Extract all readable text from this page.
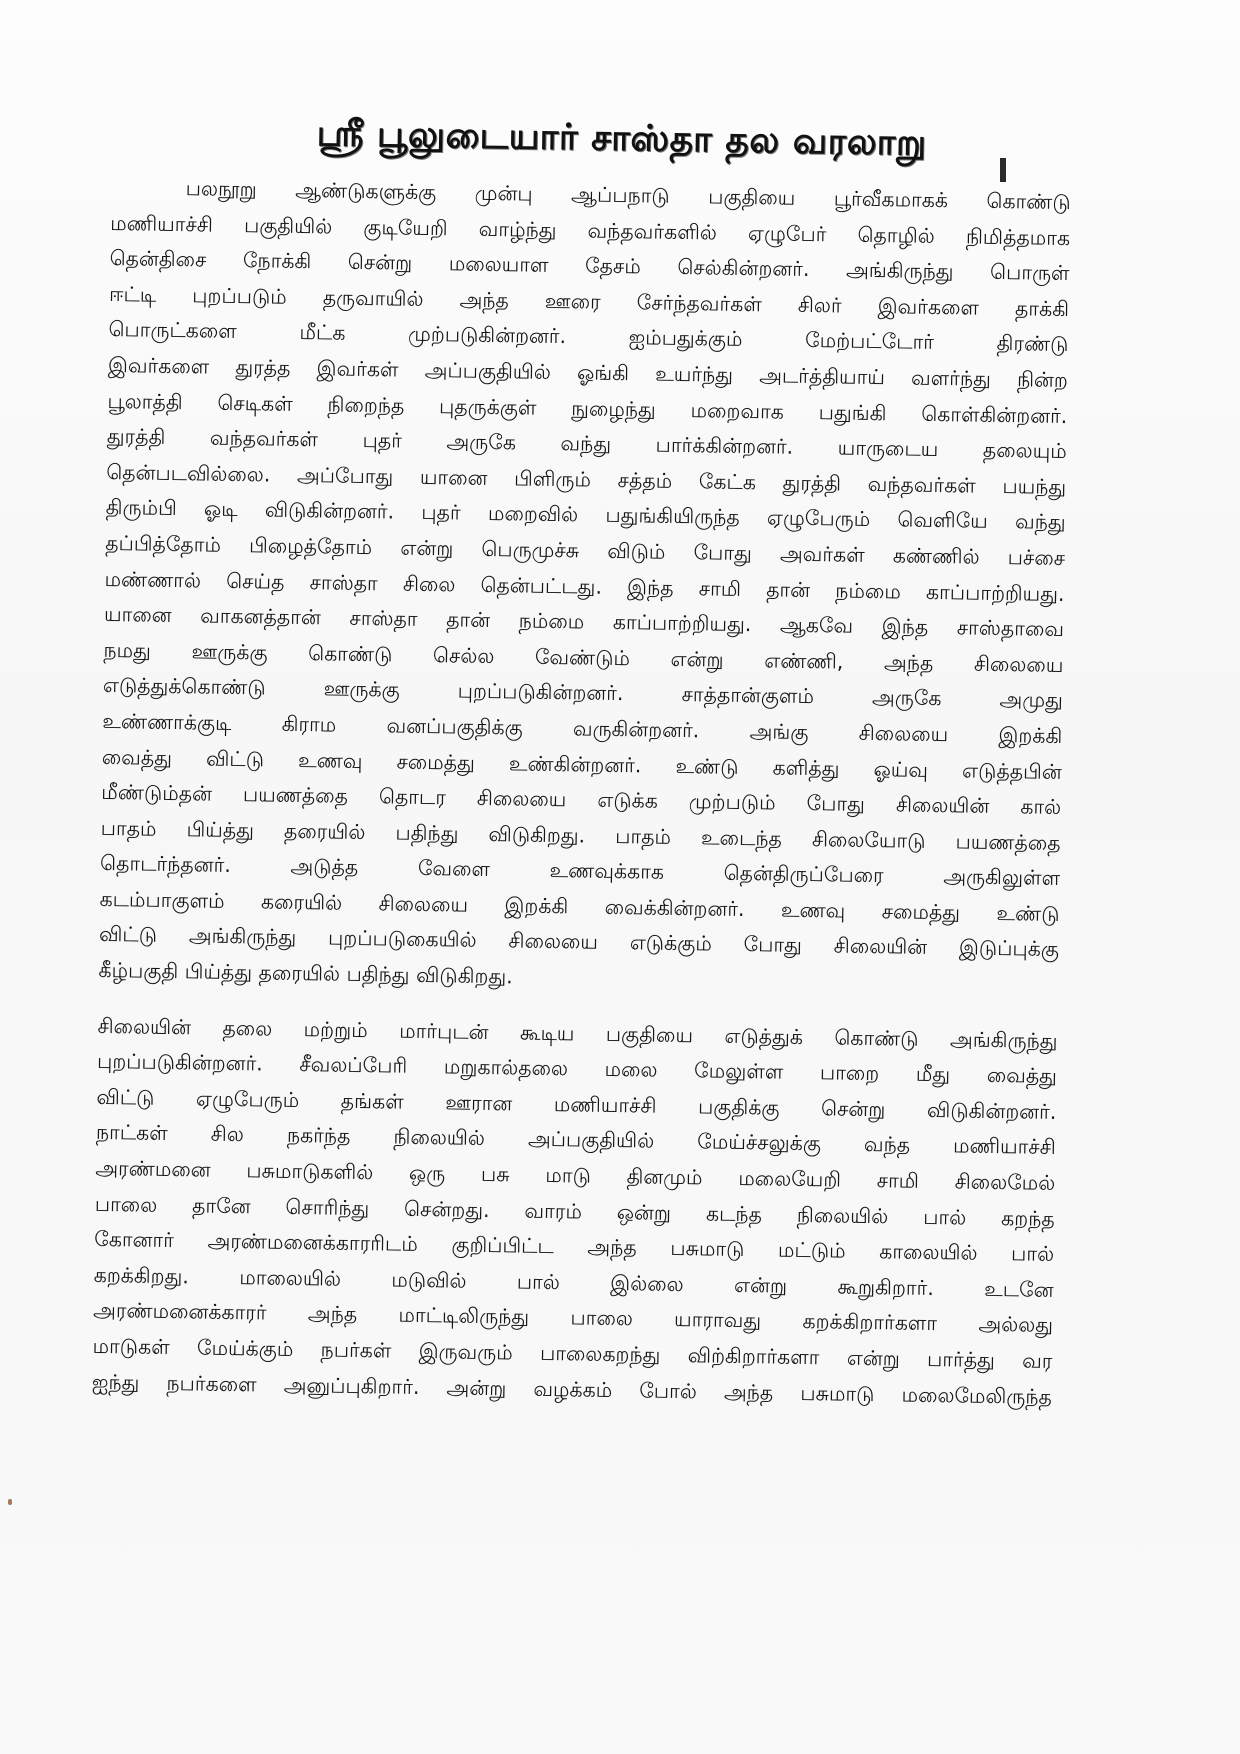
ஸ்ரீ பூலுடையார் சாஸ்தா தல வரலாறு
பலநூறு ஆண்டுகளுக்கு முன்பு ஆப்பநாடு பகுதியை பூர்வீகமாகக் கொண்டு
மணியாச்சி பகுதியில் குடியேறி வாழ்ந்து வந்தவர்களில் ஏழுபேர் தொழில் நிமித்தமாக
தென்திசை நோக்கி சென்று மலையாள தேசம் செல்கின்றனர். அங்கிருந்து பொருள்
ஈட்டி புறப்படும் தருவாயில் அந்த ஊரை சேர்ந்தவர்கள் சிலர் இவர்களை தாக்கி
பொருட்களை மீட்க முற்படுகின்றனர். ஐம்பதுக்கும் மேற்பட்டோர் திரண்டு
இவர்களை துரத்த இவர்கள் அப்பகுதியில் ஓங்கி உயர்ந்து அடர்த்தியாய் வளர்ந்து நின்ற
பூலாத்தி செடிகள் நிறைந்த புதருக்குள் நுழைந்து மறைவாக பதுங்கி கொள்கின்றனர்.
துரத்தி வந்தவர்கள் புதர் அருகே வந்து பார்க்கின்றனர். யாருடைய தலையும்
தென்படவில்லை. அப்போது யானை பிளிரும் சத்தம் கேட்க துரத்தி வந்தவர்கள் பயந்து
திரும்பி ஓடி விடுகின்றனர். புதர் மறைவில் பதுங்கியிருந்த ஏழுபேரும் வெளியே வந்து
தப்பித்தோம் பிழைத்தோம் என்று பெருமுச்சு விடும் போது அவர்கள் கண்ணில் பச்சை
மண்ணால் செய்த சாஸ்தா சிலை தென்பட்டது. இந்த சாமி தான் நம்மை காப்பாற்றியது.
யானை வாகனத்தான் சாஸ்தா தான் நம்மை காப்பாற்றியது. ஆகவே இந்த சாஸ்தாவை
நமது ஊருக்கு கொண்டு செல்ல வேண்டும் என்று எண்ணி, அந்த சிலையை
எடுத்துக்கொண்டு ஊருக்கு புறப்படுகின்றனர். சாத்தான்குளம் அருகே அமுது
உண்ணாக்குடி கிராம வனப்பகுதிக்கு வருகின்றனர். அங்கு சிலையை இறக்கி
வைத்து விட்டு உணவு சமைத்து உண்கின்றனர். உண்டு களித்து ஓய்வு எடுத்தபின்
மீண்டும்தன் பயணத்தை தொடர சிலையை எடுக்க முற்படும் போது சிலையின் கால்
பாதம் பிய்த்து தரையில் பதிந்து விடுகிறது. பாதம் உடைந்த சிலையோடு பயணத்தை
தொடர்ந்தனர். அடுத்த வேளை உணவுக்காக தென்திருப்பேரை அருகிலுள்ள
கடம்பாகுளம் கரையில் சிலையை இறக்கி வைக்கின்றனர். உணவு சமைத்து உண்டு
விட்டு அங்கிருந்து புறப்படுகையில் சிலையை எடுக்கும் போது சிலையின் இடுப்புக்கு
கீழ்பகுதி பிய்த்து தரையில் பதிந்து விடுகிறது.
சிலையின் தலை மற்றும் மார்புடன் கூடிய பகுதியை எடுத்துக் கொண்டு அங்கிருந்து
புறப்படுகின்றனர். சீவலப்பேரி மறுகால்தலை மலை மேலுள்ள பாறை மீது வைத்து
விட்டு ஏழுபேரும் தங்கள் ஊரான மணியாச்சி பகுதிக்கு சென்று விடுகின்றனர்.
நாட்கள் சில நகர்ந்த நிலையில் அப்பகுதியில் மேய்ச்சலுக்கு வந்த மணியாச்சி
அரண்மனை பசுமாடுகளில் ஒரு பசு மாடு தினமும் மலையேறி சாமி சிலைமேல்
பாலை தானே சொரிந்து சென்றது. வாரம் ஒன்று கடந்த நிலையில் பால் கறந்த
கோனார் அரண்மனைக்காரரிடம் குறிப்பிட்ட அந்த பசுமாடு மட்டும் காலையில் பால்
கறக்கிறது. மாலையில் மடுவில் பால் இல்லை என்று கூறுகிறார். உடனே
அரண்மனைக்காரர் அந்த மாட்டிலிருந்து பாலை யாராவது கறக்கிறார்களா அல்லது
மாடுகள் மேய்க்கும் நபர்கள் இருவரும் பாலைகறந்து விற்கிறார்களா என்று பார்த்து வர
ஐந்து நபர்களை அனுப்புகிறார். அன்று வழக்கம் போல் அந்த பசுமாடு மலைமேலிருந்த
